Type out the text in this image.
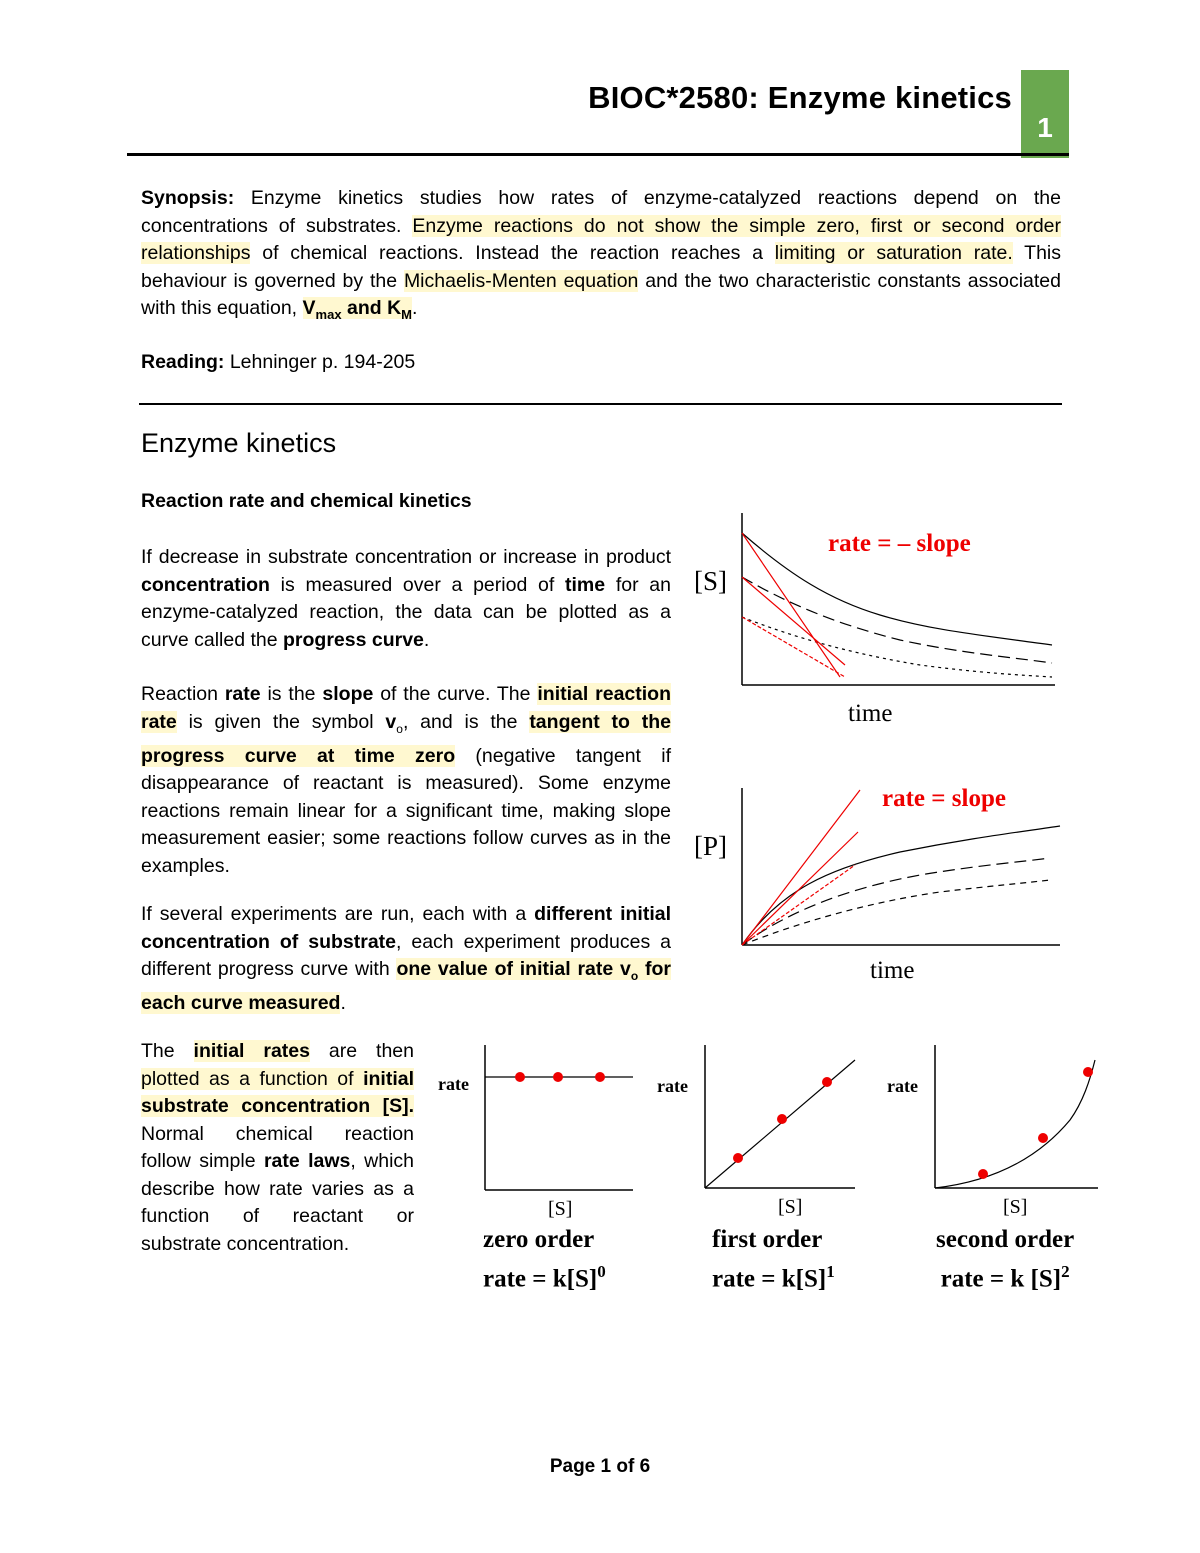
BIOC*2580: Enzyme kinetics
1
Synopsis: Enzyme kinetics studies how rates of enzyme-catalyzed reactions depend on the concentrations of substrates. Enzyme reactions do not show the simple zero, first or second order relationships of chemical reactions. Instead the reaction reaches a limiting or saturation rate. This behaviour is governed by the Michaelis-Menten equation and the two characteristic constants associated with this equation, $V_{max}$ and $K_M$.
Reading: Lehninger p. 194-205
Enzyme kinetics
Reaction rate and chemical kinetics
If decrease in substrate concentration or increase in product concentration is measured over a period of time for an enzyme-catalyzed reaction, the data can be plotted as a curve called the progress curve.
Reaction rate is the slope of the curve. The initial reaction rate is given the symbol $v_o$, and is the tangent to the progress curve at time zero (negative tangent if disappearance of reactant is measured). Some enzyme reactions remain linear for a significant time, making slope measurement easier; some reactions follow curves as in the examples.
If several experiments are run, each with a different initial concentration of substrate, each experiment produces a different progress curve with one value of initial rate $v_o$ for each curve measured.
The initial rates are then plotted as a function of initial substrate concentration [S]. Normal chemical reaction follow simple rate laws, which describe how rate varies as a function of reactant or substrate concentration.
[S]
time
rate = – slope
[P]
time
rate = slope
rate
[S]
zero order
rate = $k[S]^0$
rate
[S]
first order
rate = $k[S]^1$
rate
[S]
second order
rate = k $[S]^2$
Page 1 of 6
